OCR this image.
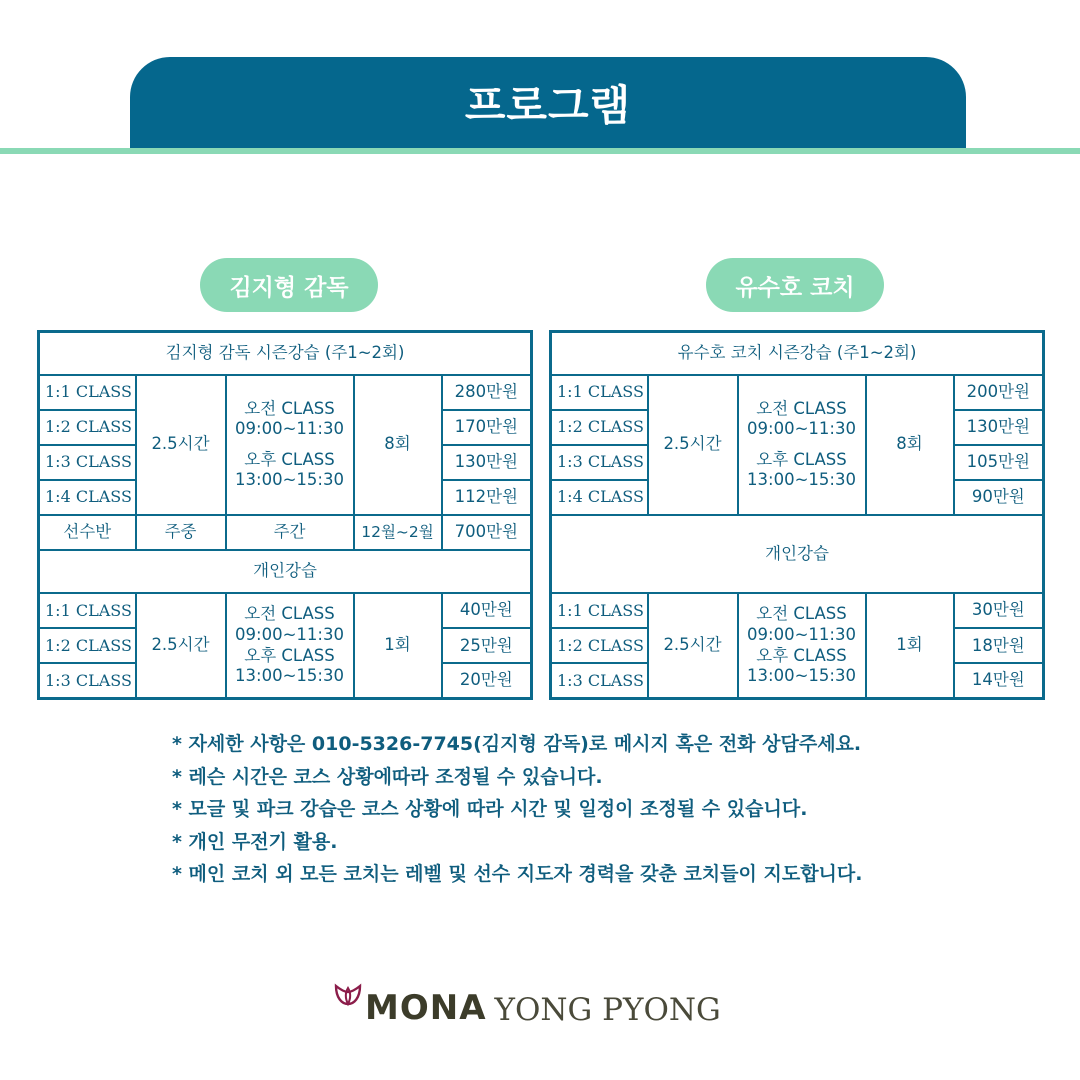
프로그램
김지형 감독	유수호 코치
김지형 감독 시즌강습 (주1~2회)				
1:1 CLASS	2.5시간	오전 CLASS
09:00~11:30
오후 CLASS
13:00~15:30	8회	280만원
1:2 CLASS				170만원
1:3 CLASS				130만원
1:4 CLASS				112만원
선수반	주중	주간	12월~2월	700만원
개인강습				
1:1 CLASS	2.5시간	오전 CLASS
09:00~11:30
오후 CLASS
13:00~15:30	1회	40만원
1:2 CLASS				25만원
1:3 CLASS				20만원
유수호 코치 시즌강습 (주1~2회)				
1:1 CLASS	2.5시간	오전 CLASS
09:00~11:30
오후 CLASS
13:00~15:30	8회	200만원
1:2 CLASS				130만원
1:3 CLASS				105만원
1:4 CLASS				90만원
개인강습				
1:1 CLASS	2.5시간	오전 CLASS
09:00~11:30
오후 CLASS
13:00~15:30	1회	30만원
1:2 CLASS				18만원
1:3 CLASS				14만원
* 자세한 사항은 010-5326-7745(김지형 감독)로 메시지 혹은 전화 상담주세요.
* 레슨 시간은 코스 상황에따라 조정될 수 있습니다.
* 모글 및 파크 강습은 코스 상황에 따라 시간 및 일정이 조정될 수 있습니다.
* 개인 무전기 활용.
* 메인 코치 외 모든 코치는 레벨 및 선수 지도자 경력을 갖춘 코치들이 지도합니다.
MONA YONG PYONG
